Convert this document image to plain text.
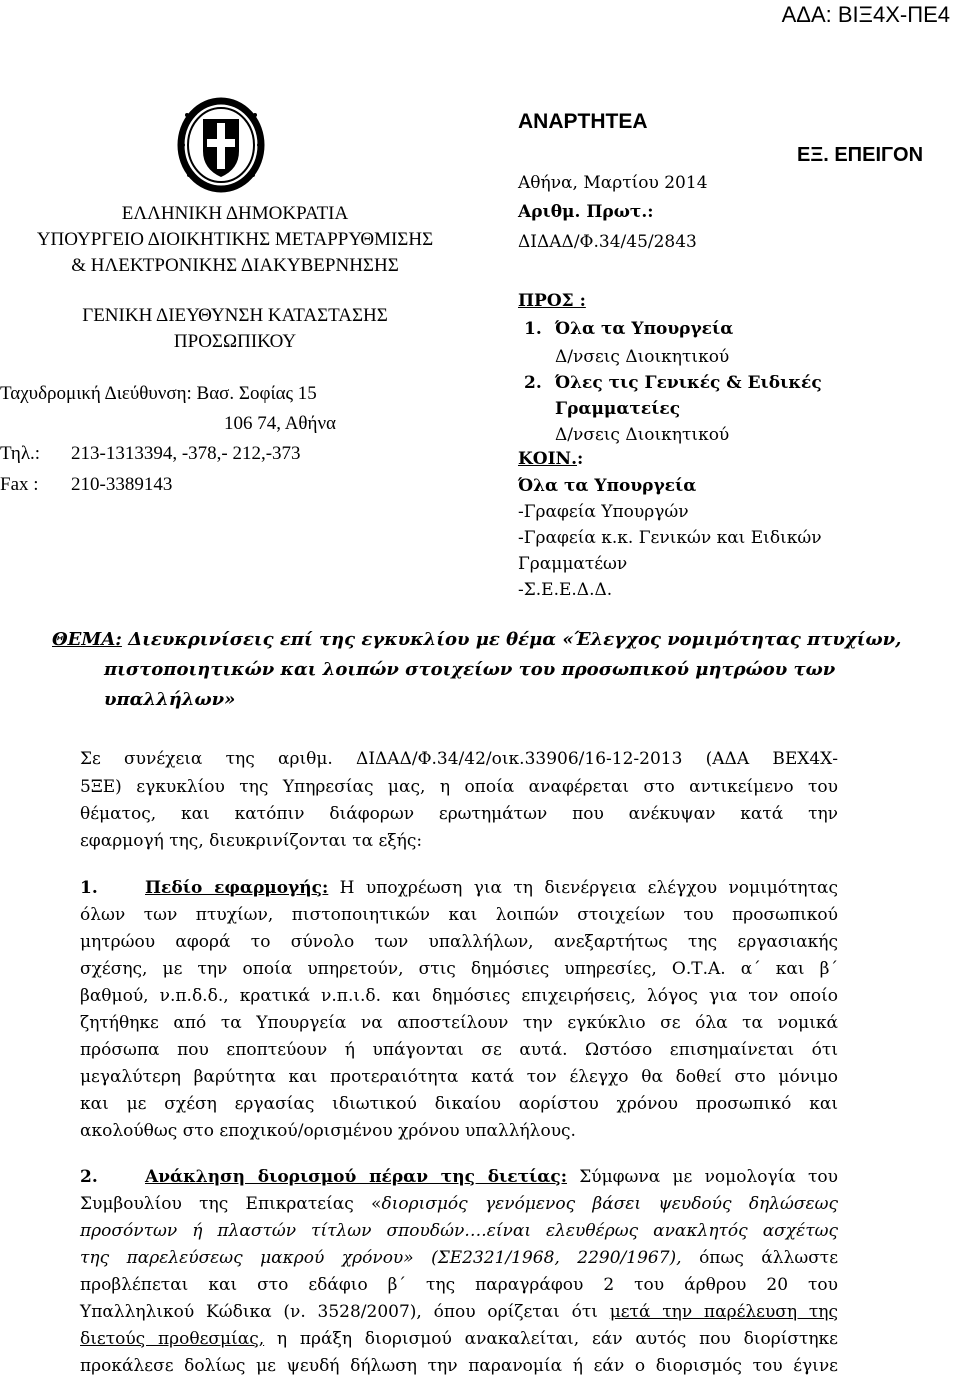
ΑΔΑ: ΒΙΞ4Χ-ΠΕ4
ΕΛΛΗΝΙΚΗ ΔΗΜΟΚΡΑΤΙΑ
ΥΠΟΥΡΓΕΙΟ ΔΙΟΙΚΗΤΙΚΗΣ ΜΕΤΑΡΡΥΘΜΙΣΗΣ
& ΗΛΕΚΤΡΟΝΙΚΗΣ ΔΙΑΚΥΒΕΡΝΗΣΗΣ
ΓΕΝΙΚΗ ΔΙΕΥΘΥΝΣΗ ΚΑΤΑΣΤΑΣΗΣ
ΠΡΟΣΩΠΙΚΟΥ
Ταχυδρομική Διεύθυνση: Βασ. Σοφίας 15
106 74, Αθήνα
Τηλ.: 213-1313394, -378,- 212,-373
Fax : 210-3389143
ΑΝΑΡΤΗΤΕΑ
ΕΞ. ΕΠΕΙΓΟΝ
Αθήνα, Μαρτίου 2014
Αριθμ. Πρωτ.:
ΔΙΔΑΔ/Φ.34/45/2843
ΠΡΟΣ :
1. Όλα τα Υπουργεία
Δ/νσεις Διοικητικού
2. Όλες τις Γενικές & Ειδικές
Γραμματείες
Δ/νσεις Διοικητικού
ΚΟΙΝ.:
Όλα τα Υπουργεία
-Γραφεία Υπουργών
-Γραφεία κ.κ. Γενικών και Ειδικών
Γραμματέων
-Σ.Ε.Ε.Δ.Δ.
ΘΕΜΑ: Διευκρινίσεις επί της εγκυκλίου με θέμα «Έλεγχος νομιμότητας πτυχίων,
πιστοποιητικών και λοιπών στοιχείων του προσωπικού μητρώου των
υπαλλήλων»
Σε συνέχεια της αριθμ. ΔΙΔΑΔ/Φ.34/42/οικ.33906/16-12-2013 (ΑΔΑ ΒΕΧ4Χ-
5ΞΕ) εγκυκλίου της Υπηρεσίας μας, η οποία αναφέρεται στο αντικείμενο του
θέματος, και κατόπιν διάφορων ερωτημάτων που ανέκυψαν κατά την
εφαρμογή της, διευκρινίζονται τα εξής:
1.	Πεδίο εφαρμογής: Η υποχρέωση για τη διενέργεια ελέγχου νομιμότητας
όλων των πτυχίων, πιστοποιητικών και λοιπών στοιχείων του προσωπικού
μητρώου αφορά το σύνολο των υπαλλήλων, ανεξαρτήτως της εργασιακής
σχέσης, με την οποία υπηρετούν, στις δημόσιες υπηρεσίες, Ο.Τ.Α. α΄ και β΄
βαθμού, ν.π.δ.δ., κρατικά ν.π.ι.δ. και δημόσιες επιχειρήσεις, λόγος για τον οποίο
ζητήθηκε από τα Υπουργεία να αποστείλουν την εγκύκλιο σε όλα τα νομικά
πρόσωπα που εποπτεύουν ή υπάγονται σε αυτά. Ωστόσο επισημαίνεται ότι
μεγαλύτερη βαρύτητα και προτεραιότητα κατά τον έλεγχο θα δοθεί στο μόνιμο
και με σχέση εργασίας ιδιωτικού δικαίου αορίστου χρόνου προσωπικό και
ακολούθως στο εποχικού/ορισμένου χρόνου υπαλλήλους.
2.	Ανάκληση διορισμού πέραν της διετίας: Σύμφωνα με νομολογία του
Συμβουλίου της Επικρατείας «διορισμός γενόμενος βάσει ψευδούς δηλώσεως
προσόντων ή πλαστών τίτλων σπουδών….είναι ελευθέρως ανακλητός ασχέτως
της παρελεύσεως μακρού χρόνου» (ΣΕ2321/1968, 2290/1967), όπως άλλωστε
προβλέπεται και στο εδάφιο β΄ της παραγράφου 2 του άρθρου 20 του
Υπαλληλικού Κώδικα (ν. 3528/2007), όπου ορίζεται ότι μετά την παρέλευση της
διετούς προθεσμίας, η πράξη διορισμού ανακαλείται, εάν αυτός που διορίστηκε
προκάλεσε δολίως με ψευδή δήλωση την παρανομία ή εάν ο διορισμός του έγινε
